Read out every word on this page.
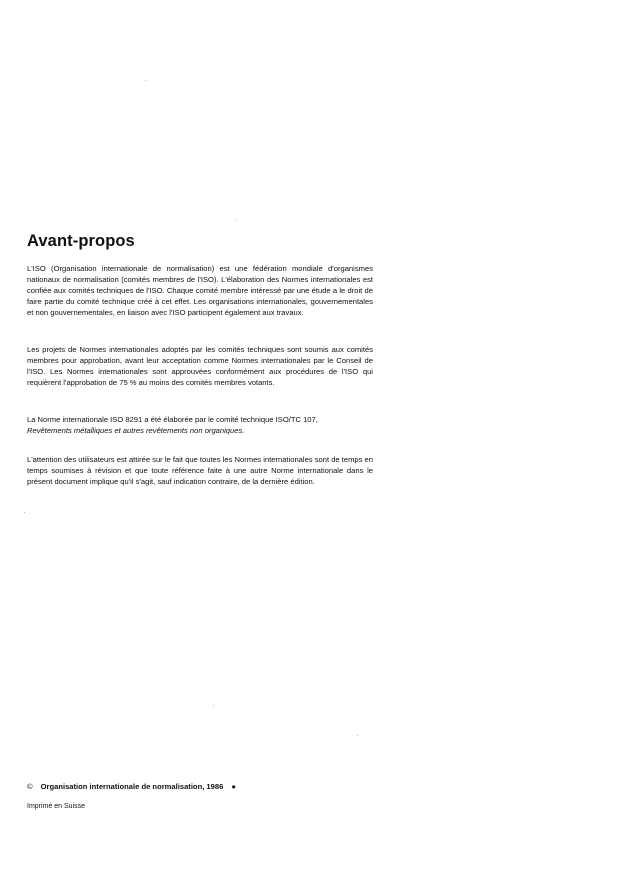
Avant-propos
L'ISO (Organisation internationale de normalisation) est une fédération mondiale d'organismes nationaux de normalisation (comités membres de l'ISO). L'élaboration des Normes internationales est confiée aux comités techniques de l'ISO. Chaque comité membre intéressé par une étude a le droit de faire partie du comité technique créé à cet effet. Les organisations internationales, gouvernementales et non gouvernementales, en liaison avec l'ISO participent également aux travaux.
Les projets de Normes internationales adoptés par les comités techniques sont soumis aux comités membres pour approbation, avant leur acceptation comme Normes internationales par le Conseil de l'ISO. Les Normes internationales sont approuvées conformément aux procédures de l'ISO qui requièrent l'approbation de 75 % au moins des comités membres votants.
La Norme internationale ISO 8291 a été élaborée par le comité technique ISO/TC 107,
Revêtements métalliques et autres revêtements non organiques.
L'attention des utilisateurs est attirée sur le fait que toutes les Normes internationales sont de temps en temps soumises à révision et que toute référence faite à une autre Norme internationale dans le présent document implique qu'il s'agit, sauf indication contraire, de la dernière édition.
© Organisation internationale de normalisation, 1986 ●
Imprimé en Suisse
